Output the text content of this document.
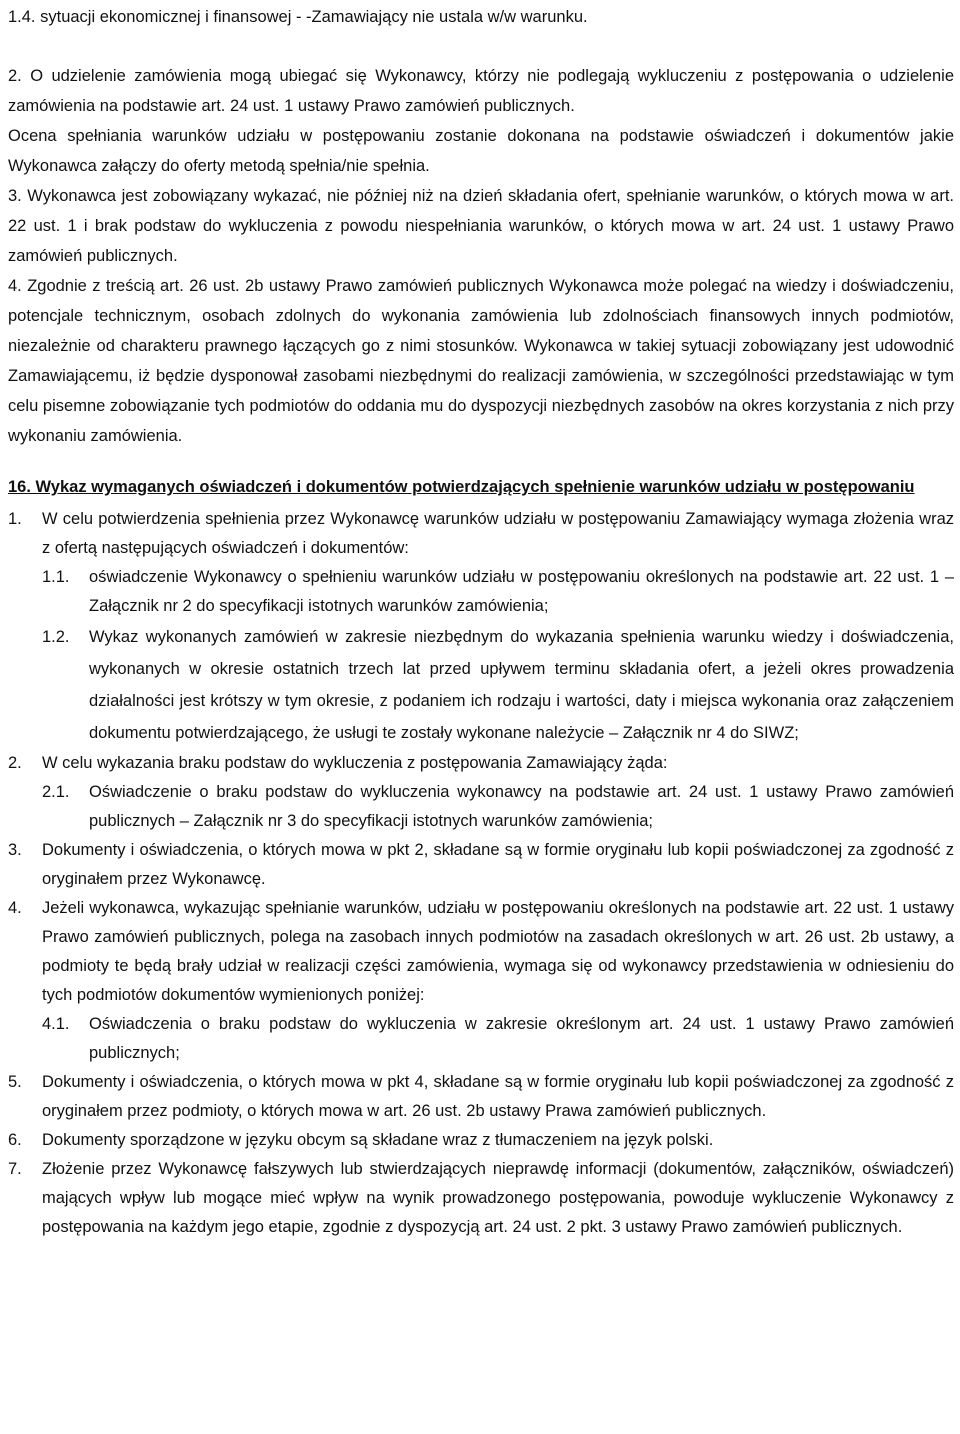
1.4. sytuacji ekonomicznej i finansowej - -Zamawiający nie ustala w/w warunku.

2. O udzielenie zamówienia mogą ubiegać się Wykonawcy, którzy nie podlegają wykluczeniu z postępowania o udzielenie zamówienia na podstawie art. 24 ust. 1 ustawy Prawo zamówień publicznych.

Ocena spełniania warunków udziału w postępowaniu zostanie dokonana na podstawie oświadczeń i dokumentów jakie Wykonawca załączy do oferty metodą spełnia/nie spełnia.

3. Wykonawca jest zobowiązany wykazać, nie później niż na dzień składania ofert, spełnianie warunków, o których mowa w art. 22 ust. 1 i brak podstaw do wykluczenia z powodu niespełniania warunków, o których mowa w art. 24 ust. 1 ustawy Prawo zamówień publicznych.

4. Zgodnie z treścią art. 26 ust. 2b ustawy Prawo zamówień publicznych Wykonawca może polegać na wiedzy i doświadczeniu, potencjale technicznym, osobach zdolnych do wykonania zamówienia lub zdolnościach finansowych innych podmiotów, niezależnie od charakteru prawnego łączących go z nimi stosunków. Wykonawca w takiej sytuacji zobowiązany jest udowodnić Zamawiającemu, iż będzie dysponował zasobami niezbędnymi do realizacji zamówienia, w szczególności przedstawiając w tym celu pisemne zobowiązanie tych podmiotów do oddania mu do dyspozycji niezbędnych zasobów na okres korzystania z nich przy wykonaniu zamówienia.

16. Wykaz wymaganych oświadczeń i dokumentów potwierdzających spełnienie warunków udziału w postępowaniu

1.	W celu potwierdzenia spełnienia przez Wykonawcę warunków udziału w postępowaniu Zamawiający wymaga złożenia wraz z ofertą następujących oświadczeń i dokumentów:
1.1.	oświadczenie Wykonawcy o spełnieniu warunków udziału w postępowaniu określonych na podstawie art. 22 ust. 1 – Załącznik nr 2 do specyfikacji istotnych warunków zamówienia;
1.2.	Wykaz wykonanych zamówień w zakresie niezbędnym do wykazania spełnienia warunku wiedzy i doświadczenia, wykonanych w okresie ostatnich trzech lat przed upływem terminu składania ofert, a jeżeli okres prowadzenia działalności jest krótszy w tym okresie, z podaniem ich rodzaju i wartości, daty i miejsca wykonania oraz załączeniem dokumentu potwierdzającego, że usługi te zostały wykonane należycie – Załącznik nr 4 do SIWZ;
2.	W celu wykazania braku podstaw do wykluczenia z postępowania Zamawiający żąda:
2.1.	Oświadczenie o braku podstaw do wykluczenia wykonawcy na podstawie art. 24 ust. 1 ustawy Prawo zamówień publicznych – Załącznik nr 3 do specyfikacji istotnych warunków zamówienia;
3.	Dokumenty i oświadczenia, o których mowa w pkt 2, składane są w formie oryginału lub kopii poświadczonej za zgodność z oryginałem przez Wykonawcę.
4.	Jeżeli wykonawca, wykazując spełnianie warunków, udziału w postępowaniu określonych na podstawie art. 22 ust. 1 ustawy Prawo zamówień publicznych, polega na zasobach innych podmiotów na zasadach określonych w art. 26 ust. 2b ustawy, a podmioty te będą brały udział w realizacji części zamówienia, wymaga się od wykonawcy przedstawienia w odniesieniu do tych podmiotów dokumentów wymienionych poniżej:
4.1.	Oświadczenia o braku podstaw do wykluczenia w zakresie określonym art. 24 ust. 1 ustawy Prawo zamówień publicznych;
5.	Dokumenty i oświadczenia, o których mowa w pkt 4, składane są w formie oryginału lub kopii poświadczonej za zgodność z oryginałem przez podmioty, o których mowa w art. 26 ust. 2b ustawy Prawa zamówień publicznych.
6.	Dokumenty sporządzone w języku obcym są składane wraz z tłumaczeniem na język polski.
7.	Złożenie przez Wykonawcę fałszywych lub stwierdzających nieprawdę informacji (dokumentów, załączników, oświadczeń) mających wpływ lub mogące mieć wpływ na wynik prowadzonego postępowania, powoduje wykluczenie Wykonawcy z postępowania na każdym jego etapie, zgodnie z dyspozycją art. 24 ust. 2 pkt. 3 ustawy Prawo zamówień publicznych.
